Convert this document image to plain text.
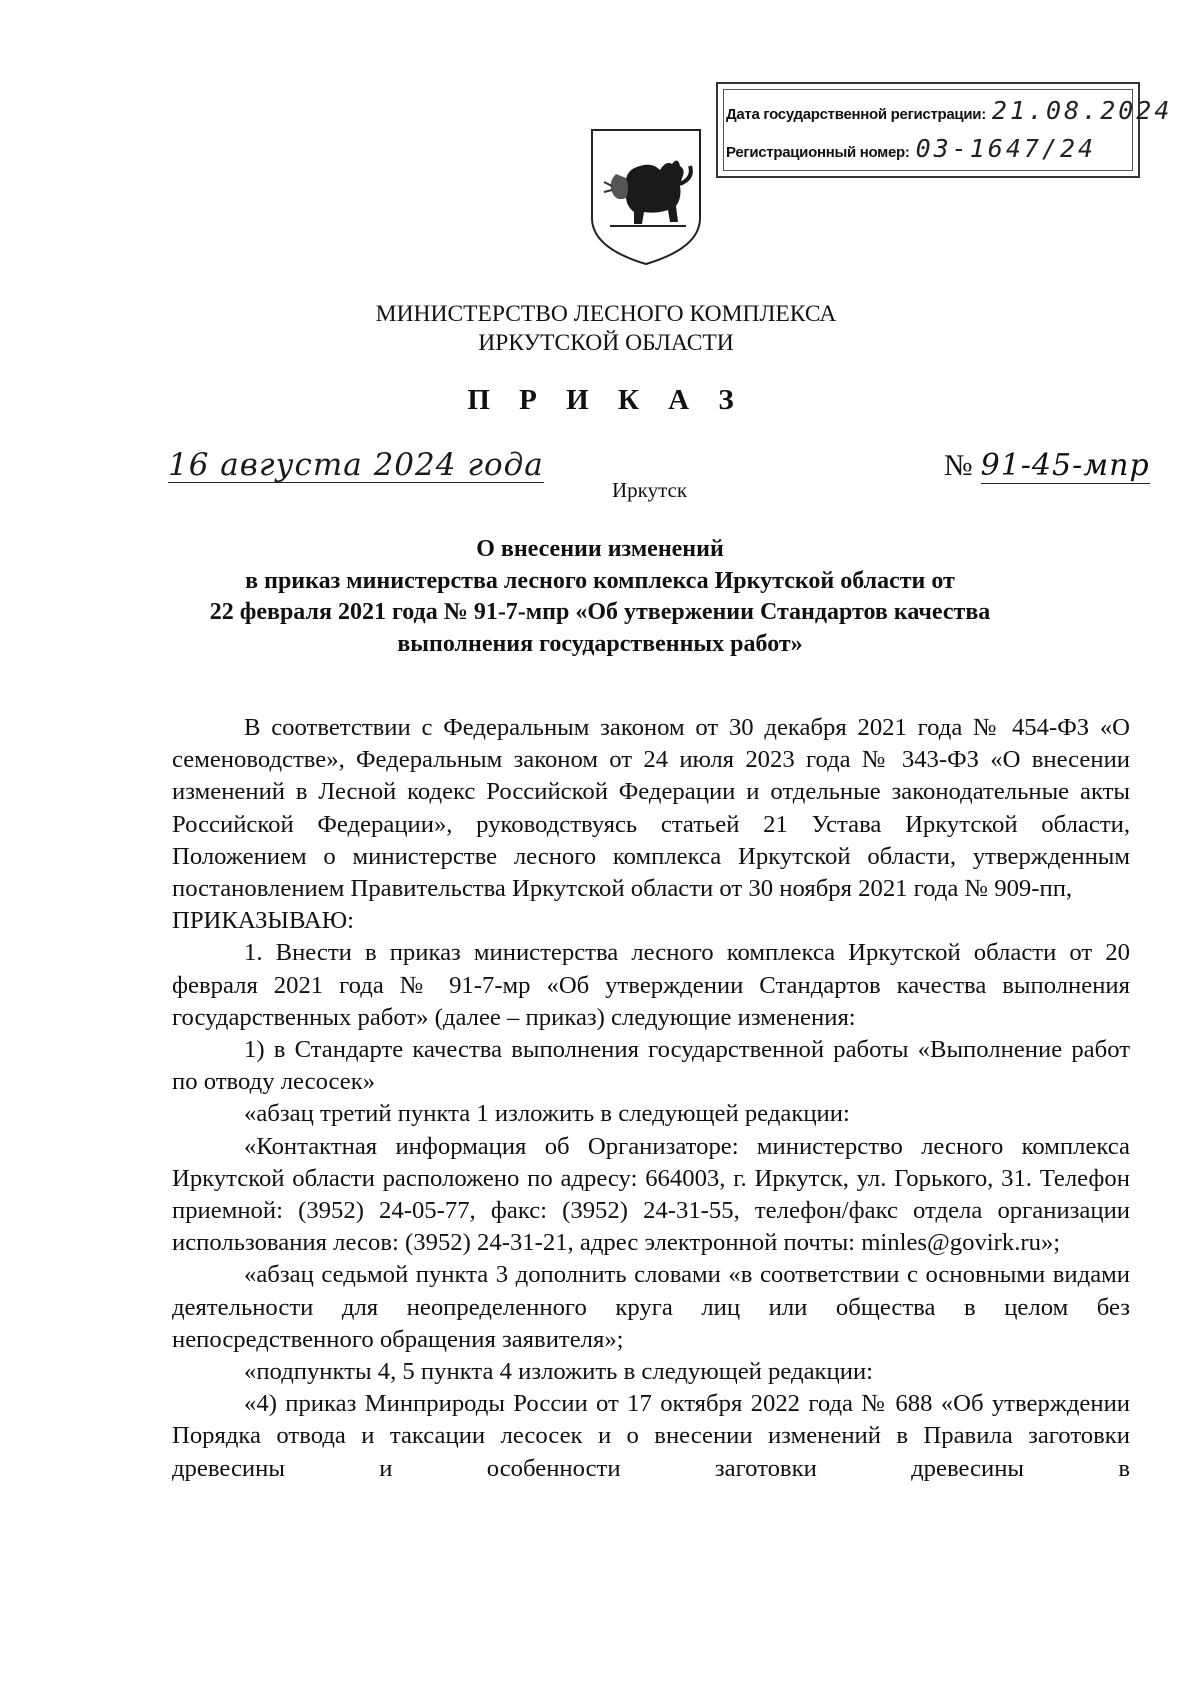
Дата государственной регистрации: 21.08.2024
Регистрационный номер: 03-1647/24
МИНИСТЕРСТВО ЛЕСНОГО КОМПЛЕКСА
ИРКУТСКОЙ ОБЛАСТИ
П Р И К А З
16 августа 2024 года	№ 91-45-мпр
Иркутск
О внесении изменений
в приказ министерства лесного комплекса Иркутской области от
22 февраля 2021 года № 91-7-мпр «Об утвержении Стандартов качества
выполнения государственных работ»

В соответствии с Федеральным законом от 30 декабря 2021 года № 454-ФЗ «О семеноводстве», Федеральным законом от 24 июля 2023 года № 343-ФЗ «О внесении изменений в Лесной кодекс Российской Федерации и отдельные законодательные акты Российской Федерации», руководствуясь статьей 21 Устава Иркутской области, Положением о министерстве лесного комплекса Иркутской области, утвержденным постановлением Правительства Иркутской области от 30 ноября 2021 года № 909-пп,

ПРИКАЗЫВАЮ:

1. Внести в приказ министерства лесного комплекса Иркутской области от 20 февраля 2021 года № 91-7-мр «Об утверждении Стандартов качества выполнения государственных работ» (далее – приказ) следующие изменения:

1) в Стандарте качества выполнения государственной работы «Выполнение работ по отводу лесосек»

«абзац третий пункта 1 изложить в следующей редакции:

«Контактная информация об Организаторе: министерство лесного комплекса Иркутской области расположено по адресу: 664003, г. Иркутск, ул. Горького, 31. Телефон приемной: (3952) 24-05-77, факс: (3952) 24-31-55, телефон/факс отдела организации использования лесов: (3952) 24-31-21, адрес электронной почты: minles@govirk.ru»;

«абзац седьмой пункта 3 дополнить словами «в соответствии с основными видами деятельности для неопределенного круга лиц или общества в целом без непосредственного обращения заявителя»;

«подпункты 4, 5 пункта 4 изложить в следующей редакции:

«4) приказ Минприроды России от 17 октября 2022 года № 688 «Об утверждении Порядка отвода и таксации лесосек и о внесении изменений в Правила заготовки древесины и особенности заготовки древесины в
